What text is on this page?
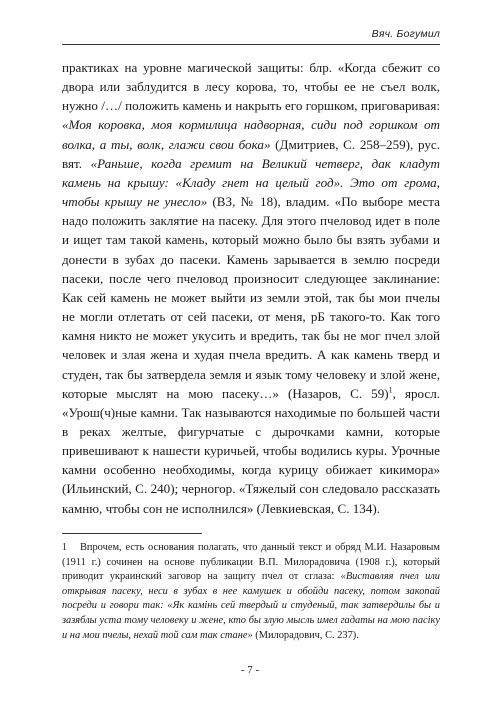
Вяч. Богумил

практиках на уровне магической защиты: блр. «Когда сбежит со двора или заблудится в лесу корова, то, чтобы ее не съел волк, нужно /…/ положить камень и накрыть его горшком, приговаривая: «Моя коровка, моя кормилица надворная, сиди под горшком от волка, а ты, волк, глажи свои бока» (Дмитриев, С. 258–259), рус. вят. «Раньше, когда гремит на Великий четверг, дак кладут камень на крышу: «Кладу гнет на целый год». Это от грома, чтобы крышу не унесло» (ВЗ, № 18), владим. «По выборе места надо положить заклятие на пасеку. Для этого пчеловод идет в поле и ищет там такой камень, который можно было бы взять зубами и донести в зубах до пасеки. Камень зарывается в землю посреди пасеки, после чего пчеловод произносит следующее заклинание: Как сей камень не может выйти из земли этой, так бы мои пчелы не могли отлетать от сей пасеки, от меня, рБ такого-то. Как того камня никто не может укусить и вредить, так бы не мог пчел злой человек и злая жена и худая пчела вредить. А как камень тверд и студен, так бы затвердела земля и язык тому человеку и злой жене, которые мыслят на мою пасеку…» (Назаров, С. 59)$^1$, яросл. «Урош(ч)ные камни. Так называются находимые по большей части в реках желтые, фигурчатые с дырочками камни, которые привешивают к нашести куричьей, чтобы водились куры. Урочные камни особенно необходимы, когда курицу обижает кикимора» (Ильинский, С. 240); черногор. «Тяжелый сон следовало рассказать камню, чтобы сон не исполнился» (Левкиевская, С. 134).

1 Впрочем, есть основания полагать, что данный текст и обряд М.И. Назаровым (1911 г.) сочинен на основе публикации В.П. Милорадовича (1908 г.), который приводит украинский заговор на защиту пчел от сглаза: «Виставляя пчел или открывая пасеку, неси в зубах в нее камушек и обойди пасеку, потом закопай посреди и говори так: «Як камiнь сей твердый и студеный, так затвердилы бы и зазяблы уста тому человеку и жене, кто бы злую мысль имел гадаты на мою пасiку и на мои пчелы, нехай той сам так стане» (Милорадович, С. 237).
- 7 -
